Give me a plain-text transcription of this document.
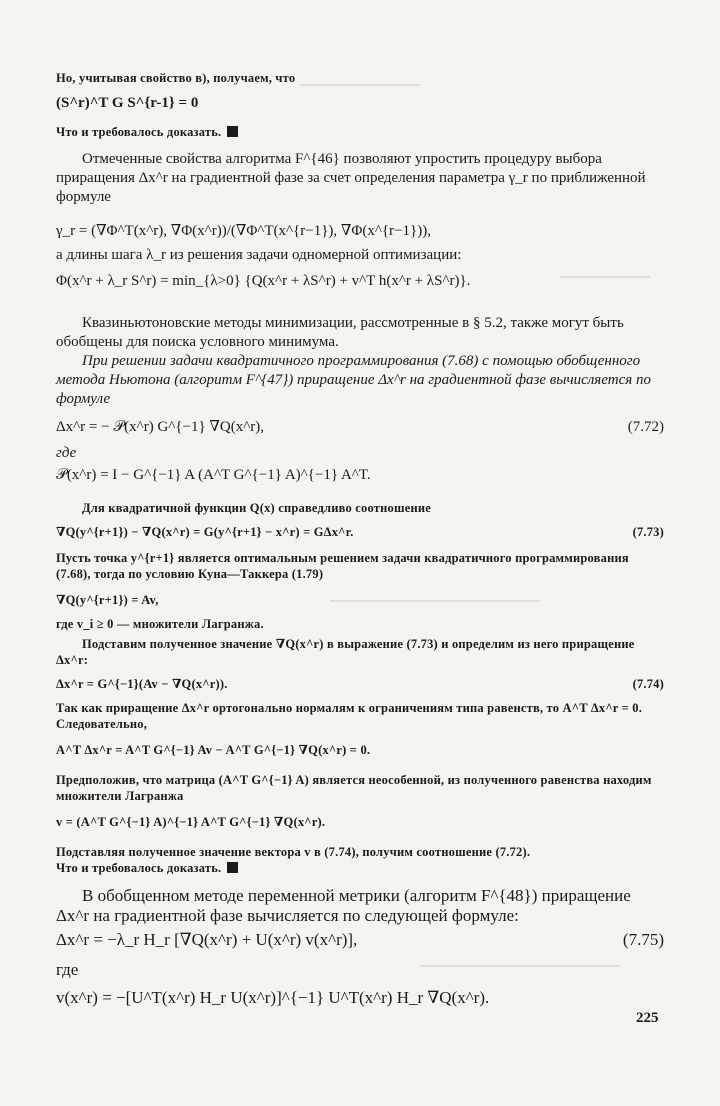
Но, учитывая свойство в), получаем, что
(S^r)^T G S^{r-1} = 0
Что и требовалось доказать.

Отмеченные свойства алгоритма F^{46} позволяют упростить процедуру выбора приращения Δx^r на градиентной фазе за счет определения параметра γ_r по приближенной формуле

γ_r = (∇Φ^T(x^r), ∇Φ(x^r))/(∇Φ^T(x^{r−1}), ∇Φ(x^{r−1})),

а длины шага λ_r из решения задачи одномерной оптимизации:

Φ(x^r + λ_r S^r) = min_{λ>0} {Q(x^r + λS^r) + v^T h(x^r + λS^r)}.

Квазиньютоновские методы минимизации, рассмотренные в § 5.2, также могут быть обобщены для поиска условного минимума.

При решении задачи квадратичного программирования (7.68) с помощью обобщенного метода Ньютона (алгоритм F^{47}) приращение Δx^r на градиентной фазе вычисляется по формуле

Δx^r = − 𝒫(x^r) G^{−1} ∇Q(x^r),	(7.72)
где
𝒫(x^r) = I − G^{−1} A (A^T G^{−1} A)^{−1} A^T.

Для квадратичной функции Q(x) справедливо соотношение

∇Q(y^{r+1}) − ∇Q(x^r) = G(y^{r+1} − x^r) = GΔx^r.	(7.73)

Пусть точка y^{r+1} является оптимальным решением задачи квадратичного программирования (7.68), тогда по условию Куна—Таккера (1.79)

∇Q(y^{r+1}) = Av,

где v_i ≥ 0 — множители Лагранжа.

Подставим полученное значение ∇Q(x^r) в выражение (7.73) и определим из него приращение Δx^r:

Δx^r = G^{−1}(Av − ∇Q(x^r)).	(7.74)

Так как приращение Δx^r ортогонально нормалям к ограничениям типа равенств, то A^T Δx^r = 0. Следовательно,

A^T Δx^r = A^T G^{−1} Av − A^T G^{−1} ∇Q(x^r) = 0.

Предположив, что матрица (A^T G^{−1} A) является неособенной, из полученного равенства находим множители Лагранжа

v = (A^T G^{−1} A)^{−1} A^T G^{−1} ∇Q(x^r).

Подставляя полученное значение вектора v в (7.74), получим соотношение (7.72).

Что и требовалось доказать.

В обобщенном методе переменной метрики (алгоритм F^{48}) приращение Δx^r на градиентной фазе вычисляется по следующей формуле:

Δx^r = −λ_r H_r [∇Q(x^r) + U(x^r) v(x^r)],	(7.75)
где
v(x^r) = −[U^T(x^r) H_r U(x^r)]^{−1} U^T(x^r) H_r ∇Q(x^r).
225
